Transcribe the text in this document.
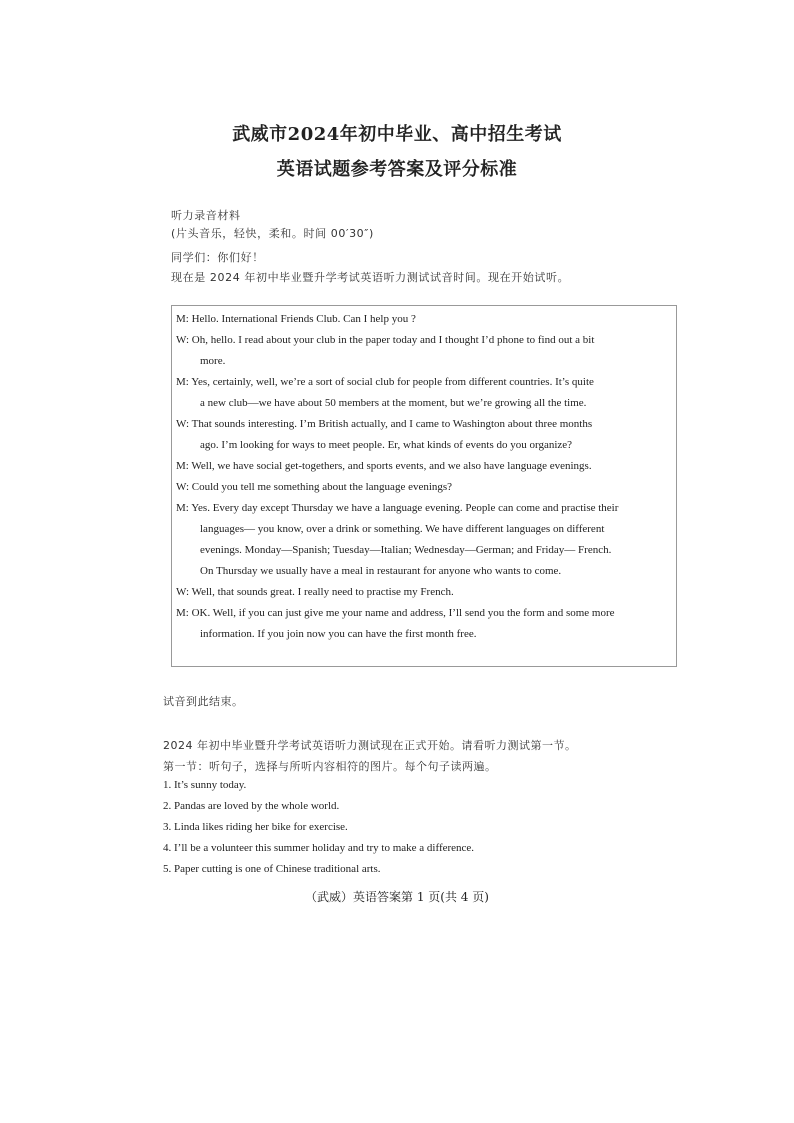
武威市2024年初中毕业、高中招生考试
英语试题参考答案及评分标准
听力录音材料
(片头音乐，轻快，柔和。时间 00′30″)
同学们：你们好！
现在是 2024 年初中毕业暨升学考试英语听力测试试音时间。现在开始试听。
M: Hello. International Friends Club. Can I help you ?
W: Oh, hello. I read about your club in the paper today and I thought I’d phone to find out a bit
more.
M: Yes, certainly, well, we’re a sort of social club for people from different countries. It’s quite
a new club—we have about 50 members at the moment, but we’re growing all the time.
W: That sounds interesting. I’m British actually, and I came to Washington about three months
ago. I’m looking for ways to meet people. Er, what kinds of events do you organize?
M: Well, we have social get-togethers, and sports events, and we also have language evenings.
W: Could you tell me something about the language evenings?
M: Yes. Every day except Thursday we have a language evening. People can come and practise their
languages— you know, over a drink or something. We have different languages on different
evenings. Monday—Spanish; Tuesday—Italian; Wednesday—German; and Friday— French.
On Thursday we usually have a meal in restaurant for anyone who wants to come.
W: Well, that sounds great. I really need to practise my French.
M: OK. Well, if you can just give me your name and address, I’ll send you the form and some more
information. If you join now you can have the first month free.
试音到此结束。
2024 年初中毕业暨升学考试英语听力测试现在正式开始。请看听力测试第一节。
第一节：听句子，选择与所听内容相符的图片。每个句子读两遍。
1. It’s sunny today.
2. Pandas are loved by the whole world.
3. Linda likes riding her bike for exercise.
4. I’ll be a volunteer this summer holiday and try to make a difference.
5. Paper cutting is one of Chinese traditional arts.
（武威）英语答案第 1 页(共 4 页)
